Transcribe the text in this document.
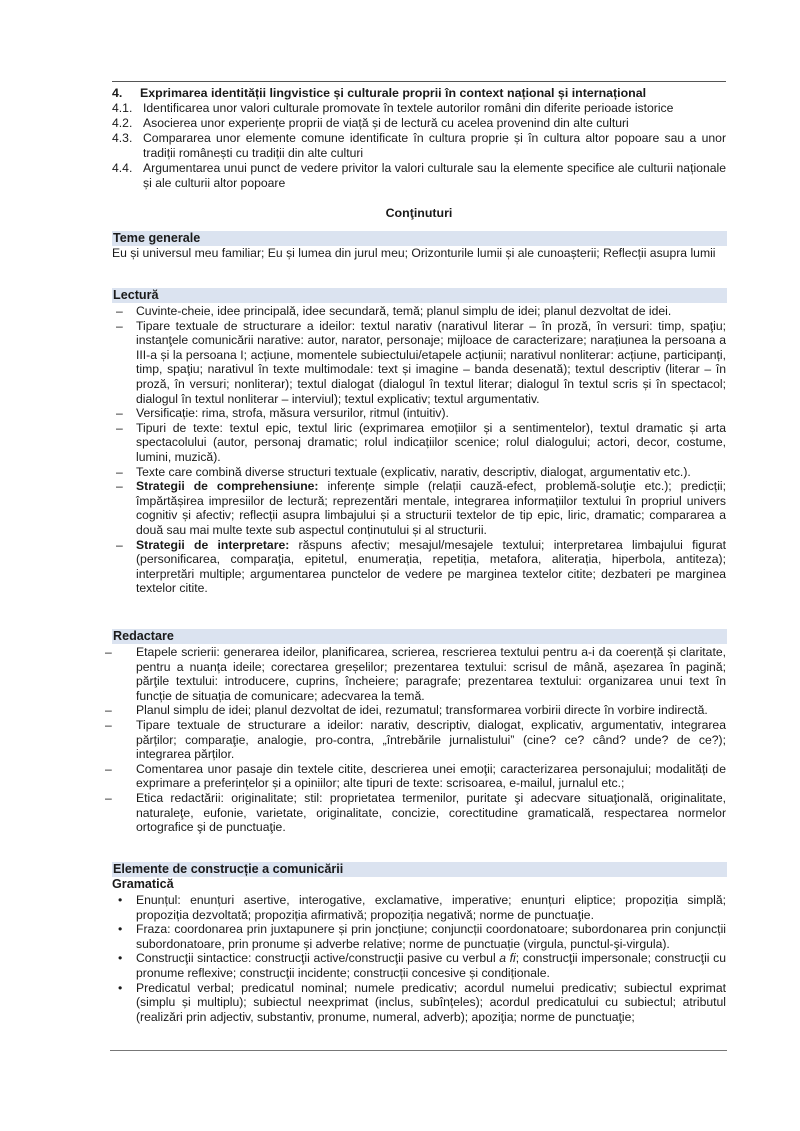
4. Exprimarea identității lingvistice și culturale proprii în context național și internațional
4.1. Identificarea unor valori culturale promovate în textele autorilor români din diferite perioade istorice
4.2. Asocierea unor experiențe proprii de viață și de lectură cu acelea provenind din alte culturi
4.3. Compararea unor elemente comune identificate în cultura proprie și în cultura altor popoare sau a unor tradiții românești cu tradiții din alte culturi
4.4. Argumentarea unui punct de vedere privitor la valori culturale sau la elemente specifice ale culturii naționale și ale culturii altor popoare
Conţinuturi
Teme generale
Eu și universul meu familiar; Eu și lumea din jurul meu; Orizonturile lumii și ale cunoașterii; Reflecții asupra lumii
Lectură
–	Cuvinte-cheie, idee principală, idee secundară, temă; planul simplu de idei; planul dezvoltat de idei.
–	Tipare textuale de structurare a ideilor: textul narativ (narativul literar – în proză, în versuri: timp, spaţiu; instanţele comunicării narative: autor, narator, personaje; mijloace de caracterizare; narațiunea la persoana a III-a și la persoana I; acțiune, momentele subiectului/etapele acțiunii; narativul nonliterar: acțiune, participanți, timp, spaţiu; narativul în texte multimodale: text și imagine – banda desenată); textul descriptiv (literar – în proză, în versuri; nonliterar); textul dialogat (dialogul în textul literar; dialogul în textul scris și în spectacol; dialogul în textul nonliterar – interviul); textul explicativ; textul argumentativ.
–	Versificație: rima, strofa, măsura versurilor, ritmul (intuitiv).
–	Tipuri de texte: textul epic, textul liric (exprimarea emoțiilor și a sentimentelor), textul dramatic și arta spectacolului (autor, personaj dramatic; rolul indicațiilor scenice; rolul dialogului; actori, decor, costume, lumini, muzică).
–	Texte care combină diverse structuri textuale (explicativ, narativ, descriptiv, dialogat, argumentativ etc.).
–	Strategii de comprehensiune: inferențe simple (relații cauză-efect, problemă-soluţie etc.); predicții; împărtășirea impresiilor de lectură; reprezentări mentale, integrarea informațiilor textului în propriul univers cognitiv și afectiv; reflecții asupra limbajului și a structurii textelor de tip epic, liric, dramatic; compararea a două sau mai multe texte sub aspectul conținutului și al structurii.
–	Strategii de interpretare: răspuns afectiv; mesajul/mesajele textului; interpretarea limbajului figurat (personificarea, comparaţia, epitetul, enumerația, repetiția, metafora, aliterația, hiperbola, antiteza); interpretări multiple; argumentarea punctelor de vedere pe marginea textelor citite; dezbateri pe marginea textelor citite.
Redactare
–	Etapele scrierii: generarea ideilor, planificarea, scrierea, rescrierea textului pentru a-i da coerență și claritate, pentru a nuanța ideile; corectarea greșelilor; prezentarea textului: scrisul de mână, așezarea în pagină; părţile textului: introducere, cuprins, încheiere; paragrafe; prezentarea textului: organizarea unui text în funcție de situația de comunicare; adecvarea la temă.
–	Planul simplu de idei; planul dezvoltat de idei, rezumatul; transformarea vorbirii directe în vorbire indirectă.
–	Tipare textuale de structurare a ideilor: narativ, descriptiv, dialogat, explicativ, argumentativ, integrarea părților; comparaţie, analogie, pro-contra, „întrebările jurnalistului” (cine? ce? când? unde? de ce?); integrarea părților.
–	Comentarea unor pasaje din textele citite, descrierea unei emoţii; caracterizarea personajului; modalități de exprimare a preferințelor și a opiniilor; alte tipuri de texte: scrisoarea, e-mailul, jurnalul etc.;
–	Etica redactării: originalitate; stil: proprietatea termenilor, puritate şi adecvare situaţională, originalitate, naturaleţe, eufonie, varietate, originalitate, concizie, corectitudine gramaticală, respectarea normelor ortografice şi de punctuaţie.
Elemente de construcție a comunicării
Gramatică
•	Enunțul: enunțuri asertive, interogative, exclamative, imperative; enunțuri eliptice; propoziția simplă; propoziția dezvoltată; propoziția afirmativă; propoziția negativă; norme de punctuaţie.
•	Fraza: coordonarea prin juxtapunere și prin joncțiune; conjuncții coordonatoare; subordonarea prin conjuncții subordonatoare, prin pronume și adverbe relative; norme de punctuație (virgula, punctul-şi-virgula).
•	Construcţii sintactice: construcţii active/construcţii pasive cu verbul a fi; construcţii impersonale; construcţii cu pronume reflexive; construcţii incidente; construcții concesive și condiționale.
•	Predicatul verbal; predicatul nominal; numele predicativ; acordul numelui predicativ; subiectul exprimat (simplu și multiplu); subiectul neexprimat (inclus, subînțeles); acordul predicatului cu subiectul; atributul (realizări prin adjectiv, substantiv, pronume, numeral, adverb); apoziţia; norme de punctuaţie;
